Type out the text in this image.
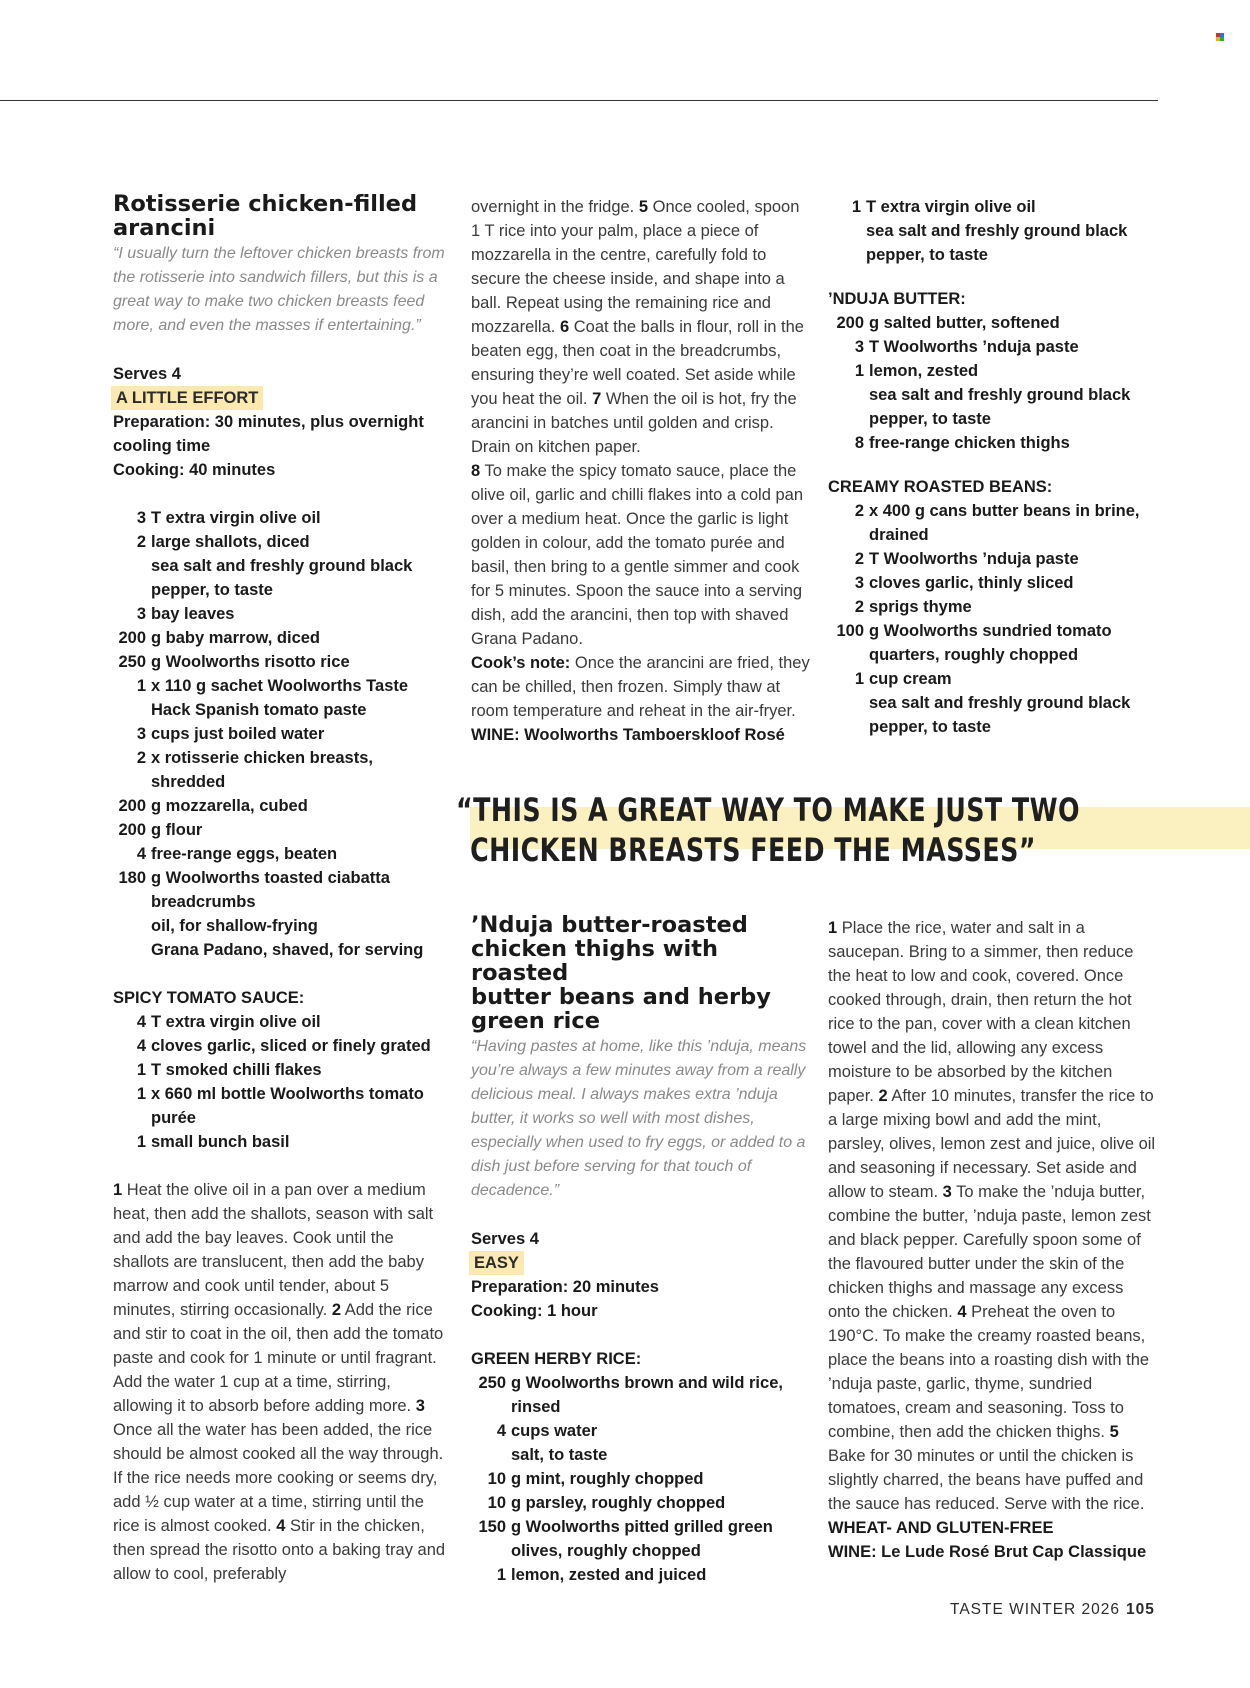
Rotisserie chicken-filled
arancini
“I usually turn the leftover chicken breasts from the rotisserie into sandwich fillers, but this is a great way to make two chicken breasts feed more, and even the masses if entertaining.”
Serves 4
A LITTLE EFFORT
Preparation: 30 minutes, plus overnight cooling time
Cooking: 40 minutes
3 T extra virgin olive oil
2 large shallots, diced
sea salt and freshly ground black pepper, to taste
3 bay leaves
200 g baby marrow, diced
250 g Woolworths risotto rice
1 x 110 g sachet Woolworths Taste Hack Spanish tomato paste
3 cups just boiled water
2 x rotisserie chicken breasts, shredded
200 g mozzarella, cubed
200 g flour
4 free-range eggs, beaten
180 g Woolworths toasted ciabatta breadcrumbs
oil, for shallow-frying
Grana Padano, shaved, for serving
SPICY TOMATO SAUCE:
4 T extra virgin olive oil
4 cloves garlic, sliced or finely grated
1 T smoked chilli flakes
1 x 660 ml bottle Woolworths tomato purée
1 small bunch basil
1 Heat the olive oil in a pan over a medium heat, then add the shallots, season with salt and add the bay leaves. Cook until the shallots are translucent, then add the baby marrow and cook until tender, about 5 minutes, stirring occasionally. 2 Add the rice and stir to coat in the oil, then add the tomato paste and cook for 1 minute or until fragrant. Add the water 1 cup at a time, stirring, allowing it to absorb before adding more. 3 Once all the water has been added, the rice should be almost cooked all the way through. If the rice needs more cooking or seems dry, add ½ cup water at a time, stirring until the rice is almost cooked. 4 Stir in the chicken, then spread the risotto onto a baking tray and allow to cool, preferably
overnight in the fridge. 5 Once cooled, spoon 1 T rice into your palm, place a piece of mozzarella in the centre, carefully fold to secure the cheese inside, and shape into a ball. Repeat using the remaining rice and mozzarella. 6 Coat the balls in flour, roll in the beaten egg, then coat in the breadcrumbs, ensuring they’re well coated. Set aside while you heat the oil. 7 When the oil is hot, fry the arancini in batches until golden and crisp. Drain on kitchen paper.
8 To make the spicy tomato sauce, place the olive oil, garlic and chilli flakes into a cold pan over a medium heat. Once the garlic is light golden in colour, add the tomato purée and basil, then bring to a gentle simmer and cook for 5 minutes. Spoon the sauce into a serving dish, add the arancini, then top with shaved Grana Padano.
Cook’s note: Once the arancini are fried, they can be chilled, then frozen. Simply thaw at room temperature and reheat in the air-fryer.
WINE: Woolworths Tamboerskloof Rosé
1 T extra virgin olive oil
sea salt and freshly ground black pepper, to taste
’NDUJA BUTTER:
200 g salted butter, softened
3 T Woolworths ’nduja paste
1 lemon, zested
sea salt and freshly ground black pepper, to taste
8 free-range chicken thighs
CREAMY ROASTED BEANS:
2 x 400 g cans butter beans in brine, drained
2 T Woolworths ’nduja paste
3 cloves garlic, thinly sliced
2 sprigs thyme
100 g Woolworths sundried tomato quarters, roughly chopped
1 cup cream
sea salt and freshly ground black pepper, to taste
“THIS IS A GREAT WAY TO MAKE JUST TWO
CHICKEN BREASTS FEED THE MASSES”
’Nduja butter-roasted
chicken thighs with roasted
butter beans and herby
green rice

“Having pastes at home, like this ’nduja, means you’re always a few minutes away from a really delicious meal. I always makes extra ’nduja butter, it works so well with most dishes, especially when used to fry eggs, or added to a dish just before serving for that touch of decadence.”
Serves 4
EASY
Preparation: 20 minutes
Cooking: 1 hour
GREEN HERBY RICE:
250 g Woolworths brown and wild rice, rinsed
4 cups water
salt, to taste
10 g mint, roughly chopped
10 g parsley, roughly chopped
150 g Woolworths pitted grilled green olives, roughly chopped
1 lemon, zested and juiced
1 Place the rice, water and salt in a saucepan. Bring to a simmer, then reduce the heat to low and cook, covered. Once cooked through, drain, then return the hot rice to the pan, cover with a clean kitchen towel and the lid, allowing any excess moisture to be absorbed by the kitchen paper. 2 After 10 minutes, transfer the rice to a large mixing bowl and add the mint, parsley, olives, lemon zest and juice, olive oil and seasoning if necessary. Set aside and allow to steam. 3 To make the ’nduja butter, combine the butter, ’nduja paste, lemon zest and black pepper. Carefully spoon some of the flavoured butter under the skin of the chicken thighs and massage any excess onto the chicken. 4 Preheat the oven to 190°C. To make the creamy roasted beans, place the beans into a roasting dish with the ’nduja paste, garlic, thyme, sundried tomatoes, cream and seasoning. Toss to combine, then add the chicken thighs. 5 Bake for 30 minutes or until the chicken is slightly charred, the beans have puffed and the sauce has reduced. Serve with the rice.
WHEAT- AND GLUTEN-FREE
WINE: Le Lude Rosé Brut Cap Classique
TASTE WINTER 2026 105
